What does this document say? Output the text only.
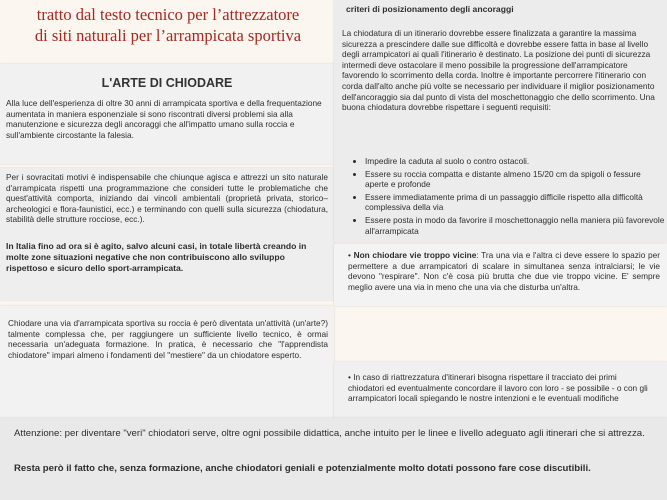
tratto dal testo tecnico per l’attrezzatore
di siti naturali per l’arrampicata sportiva
L'ARTE DI CHIODARE
Alla luce dell'esperienza di oltre 30 anni di arrampicata sportiva e della frequentazione aumentata in maniera esponenziale si sono riscontrati diversi problemi sia alla manutenzione e sicurezza degli ancoraggi che all'impatto umano sulla roccia e sull'ambiente circostante la falesia.
Per i sovracitati motivi è indispensabile che chiunque agisca e attrezzi un sito naturale d'arrampicata rispetti una programmazione che consideri tutte le problematiche che quest'attività comporta, iniziando dai vincoli ambientali (proprietà privata, storico–archeologici e flora-faunistici, ecc.) e terminando con quelli sulla sicurezza (chiodatura, stabilità delle strutture rocciose, ecc.).
In Italia fino ad ora si è agito, salvo alcuni casi, in totale libertà creando in molte zone situazioni negative che non contribuiscono allo sviluppo rispettoso e sicuro dello sport-arrampicata.
Chiodare una via d'arrampicata sportiva su roccia è però diventata un'attività (un'arte?) talmente complessa che, per raggiungere un sufficiente livello tecnico, è ormai necessaria un'adeguata formazione. In pratica, è necessario che "l'apprendista chiodatore" impari almeno i fondamenti del "mestiere" da un chiodatore esperto.
criteri di posizionamento degli ancoraggi
La chiodatura di un itinerario dovrebbe essere finalizzata a garantire la massima sicurezza a prescindere dalle sue difficoltà e dovrebbe essere fatta in base al livello degli arrampicatori ai quali l'itinerario è destinato. La posizione dei punti di sicurezza intermedi deve ostacolare il meno possibile la progressione dell'arrampicatore favorendo lo scorrimento della corda. Inoltre è importante percorrere l'itinerario con corda dall'alto anche più volte se necessario per individuare il miglior posizionamento dell'ancoraggio sia dal punto di vista del moschettonaggio che dello scorrimento. Una buona chiodatura dovrebbe rispettare i seguenti requisiti:
• Impedire la caduta al suolo o contro ostacoli.
• Essere su roccia compatta e distante almeno 15/20 cm da spigoli o fessure aperte e profonde
• Essere immediatamente prima di un passaggio difficile rispetto alla difficoltà complessiva della via
• Essere posta in modo da favorire il moschettonaggio nella maniera più favorevole all'arrampicata
• Non chiodare vie troppo vicine: Tra una via e l'altra ci deve essere lo spazio per permettere a due arrampicatori di scalare in simultanea senza intralciarsi; le vie devono "respirare". Non c'è cosa più brutta che due vie troppo vicine. E' sempre meglio avere una via in meno che una via che disturba un'altra.
• In caso di riattrezzatura d'itinerari bisogna rispettare il tracciato dei primi chiodatori ed eventualmente concordare il lavoro con loro - se possibile - o con gli arrampicatori locali spiegando le nostre intenzioni e le eventuali modifiche
Attenzione: per diventare "veri" chiodatori serve, oltre ogni possibile didattica, anche intuito per le linee e livello adeguato agli itinerari che si attrezza.
Resta però il fatto che, senza formazione, anche chiodatori geniali e potenzialmente molto dotati possono fare cose discutibili.
